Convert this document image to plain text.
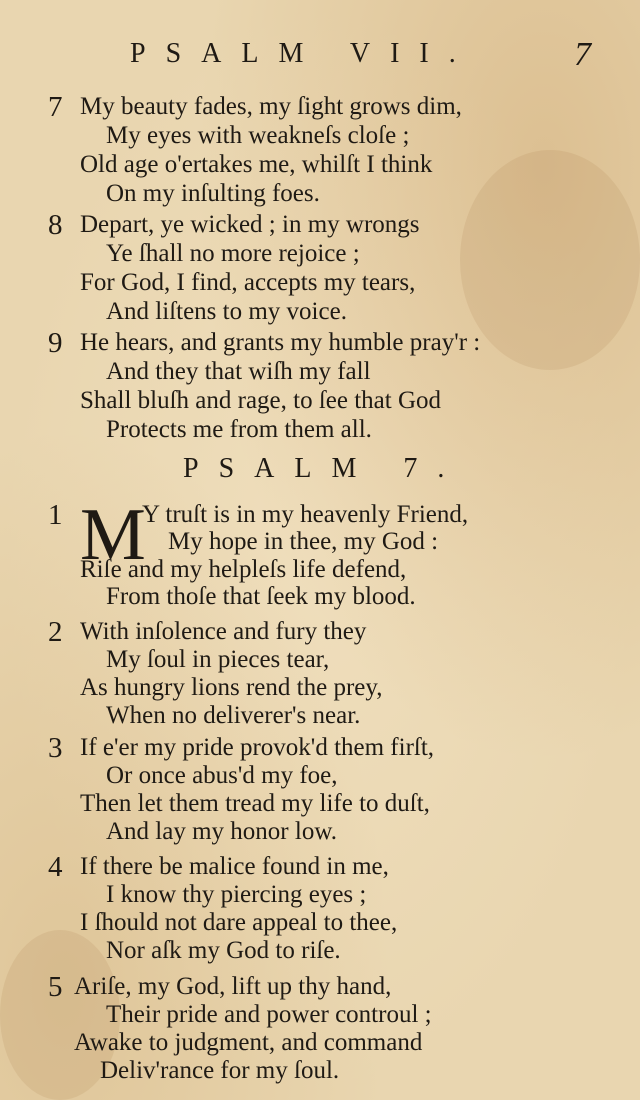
PSALM VII.	7
7 My beauty fades, my ſight grows dim,
My eyes with weakneſs cloſe ;
Old age o'ertakes me, whilſt I think
On my inſulting foes.
8 Depart, ye wicked ; in my wrongs
Ye ſhall no more rejoice ;
For God, I find, accepts my tears,
And liſtens to my voice.
9 He hears, and grants my humble pray'r :
And they that wiſh my fall
Shall bluſh and rage, to ſee that God
Protects me from them all.
PSALM 7.
1	Y truſt is in my heavenly Friend,
My hope in thee, my God :
Riſe and my helpleſs life defend,
From thoſe that ſeek my blood.
M
2 With inſolence and fury they
My ſoul in pieces tear,
As hungry lions rend the prey,
When no deliverer's near.
3 If e'er my pride provok'd them firſt,
Or once abus'd my foe,
Then let them tread my life to duſt,
And lay my honor low.
4 If there be malice found in me,
I know thy piercing eyes ;
I ſhould not dare appeal to thee,
Nor aſk my God to riſe.
5 Ariſe, my God, lift up thy hand,
Their pride and power controul ;
Awake to judgment, and command
Deliv'rance for my ſoul.
